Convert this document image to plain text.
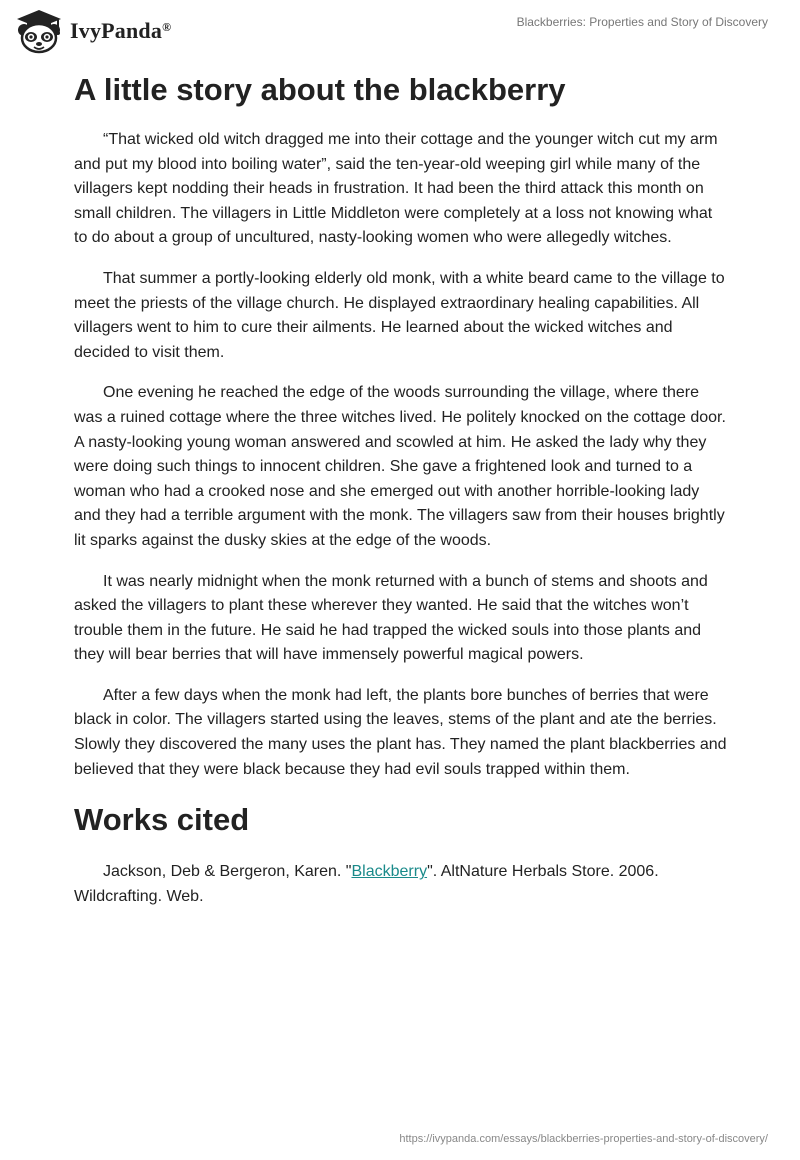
IvyPanda®	Blackberries: Properties and Story of Discovery
A little story about the blackberry

“That wicked old witch dragged me into their cottage and the younger witch cut my arm and put my blood into boiling water”, said the ten-year-old weeping girl while many of the villagers kept nodding their heads in frustration. It had been the third attack this month on small children. The villagers in Little Middleton were completely at a loss not knowing what to do about a group of uncultured, nasty-looking women who were allegedly witches.

That summer a portly-looking elderly old monk, with a white beard came to the village to meet the priests of the village church. He displayed extraordinary healing capabilities. All villagers went to him to cure their ailments. He learned about the wicked witches and decided to visit them.

One evening he reached the edge of the woods surrounding the village, where there was a ruined cottage where the three witches lived. He politely knocked on the cottage door. A nasty-looking young woman answered and scowled at him. He asked the lady why they were doing such things to innocent children. She gave a frightened look and turned to a woman who had a crooked nose and she emerged out with another horrible-looking lady and they had a terrible argument with the monk. The villagers saw from their houses brightly lit sparks against the dusky skies at the edge of the woods.

It was nearly midnight when the monk returned with a bunch of stems and shoots and asked the villagers to plant these wherever they wanted. He said that the witches won’t trouble them in the future. He said he had trapped the wicked souls into those plants and they will bear berries that will have immensely powerful magical powers.

After a few days when the monk had left, the plants bore bunches of berries that were black in color. The villagers started using the leaves, stems of the plant and ate the berries. Slowly they discovered the many uses the plant has. They named the plant blackberries and believed that they were black because they had evil souls trapped within them.

Works cited

Jackson, Deb & Bergeron, Karen. "Blackberry". AltNature Herbals Store. 2006. Wildcrafting. Web.

https://ivypanda.com/essays/blackberries-properties-and-story-of-discovery/
